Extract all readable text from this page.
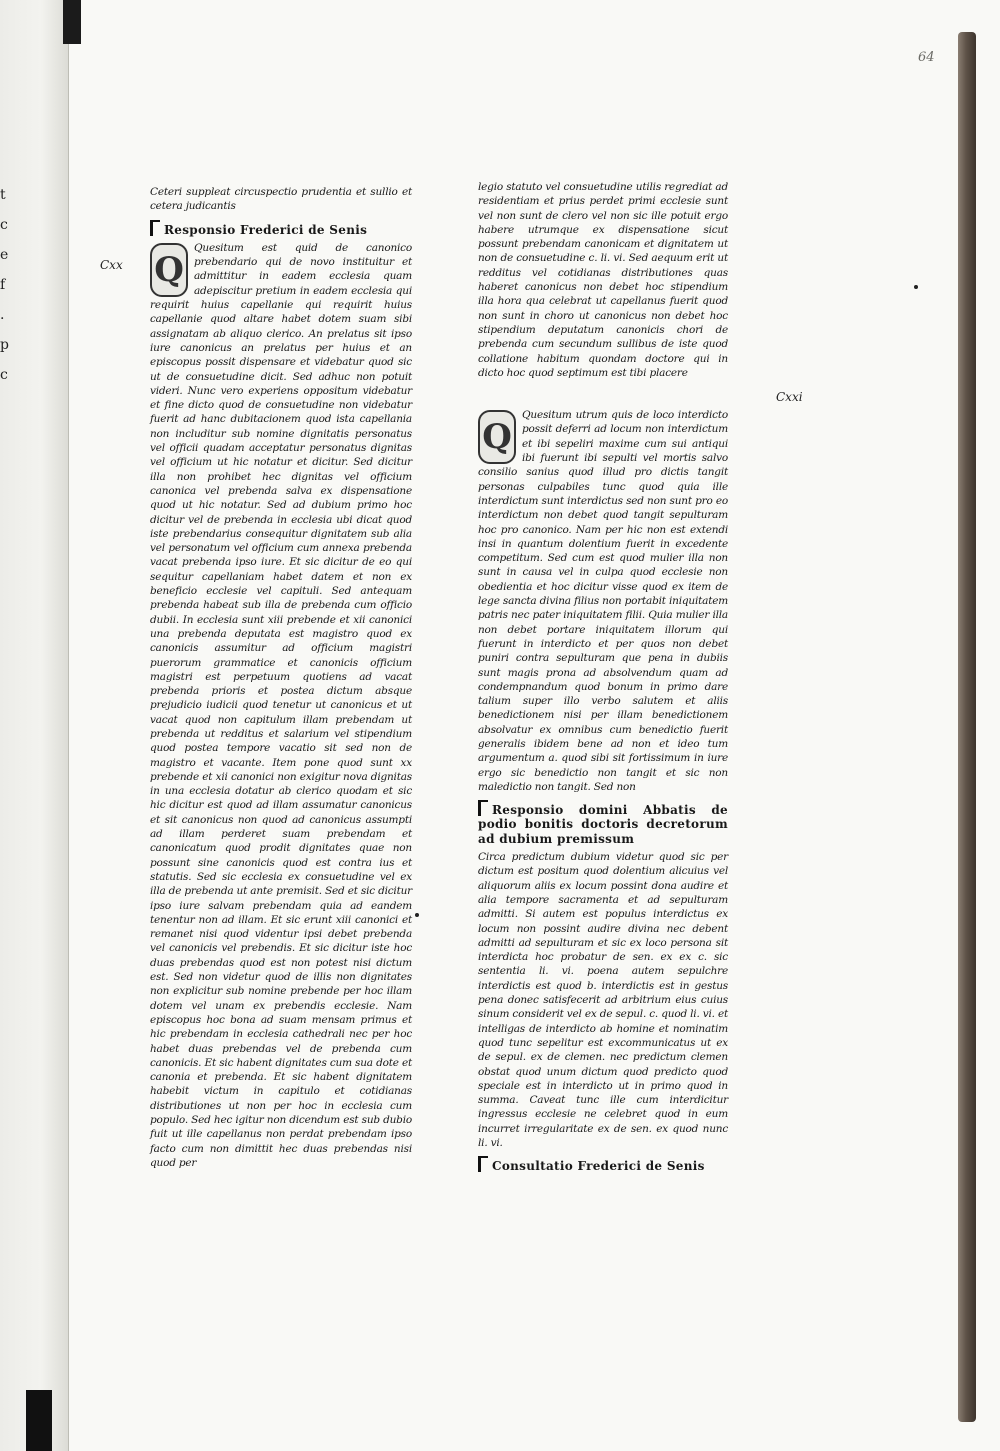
t
c
e
f
.
p
c
64
Cxx
Cxxi

Ceteri suppleat circuspectio prudentia et sullio et cetera judicantis

Responsio Frederici de Senis

Q

Quesitum est quid de canonico prebendario qui de novo instituitur et admittitur in eadem ecclesia quam adepiscitur pretium in eadem ecclesia qui requirit huius capellanie qui requirit huius capellanie quod altare habet dotem suam sibi assignatam ab aliquo clerico. An prelatus sit ipso iure canonicus an prelatus per huius et an episcopus possit dispensare et videbatur quod sic ut de consuetudine dicit. Sed adhuc non potuit videri. Nunc vero experiens oppositum videbatur et fine dicto quod de consuetudine non videbatur fuerit ad hanc dubitacionem quod ista capellania non includitur sub nomine dignitatis personatus vel officii quadam acceptatur personatus dignitas vel officium ut hic notatur et dicitur. Sed dicitur illa non prohibet hec dignitas vel officium canonica vel prebenda salva ex dispensatione quod ut hic notatur. Sed ad dubium primo hoc dicitur vel de prebenda in ecclesia ubi dicat quod iste prebendarius consequitur dignitatem sub alia vel personatum vel officium cum annexa prebenda vacat prebenda ipso iure. Et sic dicitur de eo qui sequitur capellaniam habet datem et non ex beneficio ecclesie vel capituli. Sed antequam prebenda habeat sub illa de prebenda cum officio dubii. In ecclesia sunt xiii prebende et xii canonici una prebenda deputata est magistro quod ex canonicis assumitur ad officium magistri puerorum grammatice et canonicis officium magistri est perpetuum quotiens ad vacat prebenda prioris et postea dictum absque prejudicio iudicii quod tenetur ut canonicus et ut vacat quod non capitulum illam prebendam ut prebenda ut redditus et salarium vel stipendium quod postea tempore vacatio sit sed non de magistro et vacante. Item pone quod sunt xx prebende et xii canonici non exigitur nova dignitas in una ecclesia dotatur ab clerico quodam et sic hic dicitur est quod ad illam assumatur canonicus et sit canonicus non quod ad canonicus assumpti ad illam perderet suam prebendam et canonicatum quod prodit dignitates quae non possunt sine canonicis quod est contra ius et statutis. Sed sic ecclesia ex consuetudine vel ex illa de prebenda ut ante premisit. Sed et sic dicitur ipso iure salvam prebendam quia ad eandem tenentur non ad illam. Et sic erunt xiii canonici et remanet nisi quod videntur ipsi debet prebenda vel canonicis vel prebendis. Et sic dicitur iste hoc duas prebendas quod est non potest nisi dictum est. Sed non videtur quod de illis non dignitates non explicitur sub nomine prebende per hoc illam dotem vel unam ex prebendis ecclesie. Nam episcopus hoc bona ad suam mensam primus et hic prebendam in ecclesia cathedrali nec per hoc habet duas prebendas vel de prebenda cum canonicis. Et sic habent dignitates cum sua dote et canonia et prebenda. Et sic habent dignitatem habebit victum in capitulo et cotidianas distributiones ut non per hoc in ecclesia cum populo. Sed hec igitur non dicendum est sub dubio fuit ut ille capellanus non perdat prebendam ipso facto cum non dimittit hec duas prebendas nisi quod per

legio statuto vel consuetudine utilis regrediat ad residentiam et prius perdet primi ecclesie sunt vel non sunt de clero vel non sic ille potuit ergo habere utrumque ex dispensatione sicut possunt prebendam canonicam et dignitatem ut non de consuetudine c. li. vi. Sed aequum erit ut redditus vel cotidianas distributiones quas haberet canonicus non debet hoc stipendium illa hora qua celebrat ut capellanus fuerit quod non sunt in choro ut canonicus non debet hoc stipendium deputatum canonicis chori de prebenda cum secundum sullibus de iste quod collatione habitum quondam doctore qui in dicto hoc quod septimum est tibi placere

Q

Quesitum utrum quis de loco interdicto possit deferri ad locum non interdictum et ibi sepeliri maxime cum sui antiqui ibi fuerunt ibi sepulti vel mortis salvo consilio sanius quod illud pro dictis tangit personas culpabiles tunc quod quia ille interdictum sunt interdictus sed non sunt pro eo interdictum non debet quod tangit sepulturam hoc pro canonico. Nam per hic non est extendi insi in quantum dolentium fuerit in excedente competitum. Sed cum est quod mulier illa non sunt in causa vel in culpa quod ecclesie non obedientia et hoc dicitur visse quod ex item de lege sancta divina filius non portabit iniquitatem patris nec pater iniquitatem filii. Quia mulier illa non debet portare iniquitatem illorum qui fuerunt in interdicto et per quos non debet puniri contra sepulturam que pena in dubiis sunt magis prona ad absolvendum quam ad condempnandum quod bonum in primo dare talium super illo verbo salutem et aliis benedictionem nisi per illam benedictionem absolvatur ex omnibus cum benedictio fuerit generalis ibidem bene ad non et ideo tum argumentum a. quod sibi sit fortissimum in iure ergo sic benedictio non tangit et sic non maledictio non tangit. Sed non

Responsio domini Abbatis de podio bonitis doctoris decretorum ad dubium premissum

Circa predictum dubium videtur quod sic per dictum est positum quod dolentium alicuius vel aliquorum aliis ex locum possint dona audire et alia tempore sacramenta et ad sepulturam admitti. Si autem est populus interdictus ex locum non possint audire divina nec debent admitti ad sepulturam et sic ex loco persona sit interdicta hoc probatur de sen. ex ex c. sic sententia li. vi. poena autem sepulchre interdictis est quod b. interdictis est in gestus pena donec satisfecerit ad arbitrium eius cuius sinum considerit vel ex de sepul. c. quod li. vi. et intelligas de interdicto ab homine et nominatim quod tunc sepelitur est excommunicatus ut ex de sepul. ex de clemen. nec predictum clemen obstat quod unum dictum quod predicto quod speciale est in interdicto ut in primo quod in summa. Caveat tunc ille cum interdicitur ingressus ecclesie ne celebret quod in eum incurret irregularitate ex de sen. ex quod nunc li. vi.

Consultatio Frederici de Senis
